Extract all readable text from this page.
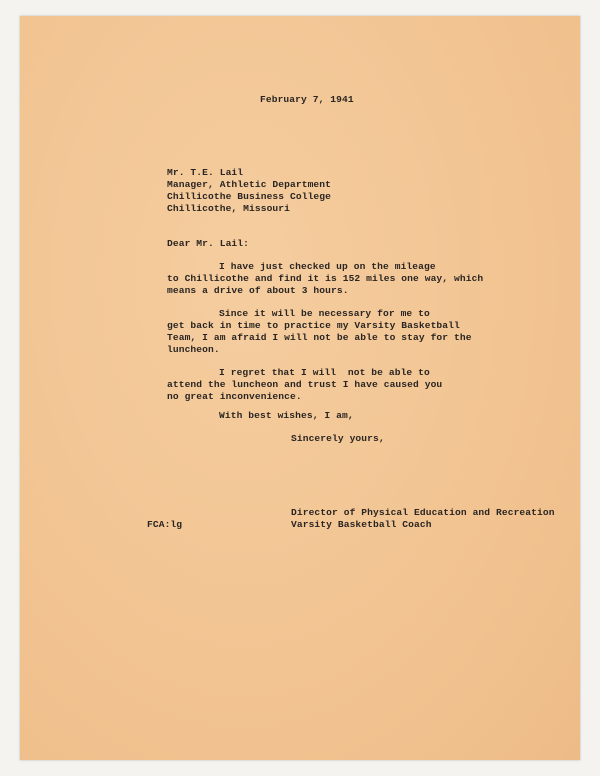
February 7, 1941
Mr. T.E. Lail
Manager, Athletic Department
Chillicothe Business College
Chillicothe, Missouri
Dear Mr. Lail:
I have just checked up on the mileage
to Chillicothe and find it is 152 miles one way, which
means a drive of about 3 hours.
Since it will be necessary for me to
get back in time to practice my Varsity Basketball
Team, I am afraid I will not be able to stay for the
luncheon.
I regret that I will  not be able to
attend the luncheon and trust I have caused you
no great inconvenience.
With best wishes, I am,
Sincerely yours,
Director of Physical Education and Recreation
Varsity Basketball Coach
FCA:lg
